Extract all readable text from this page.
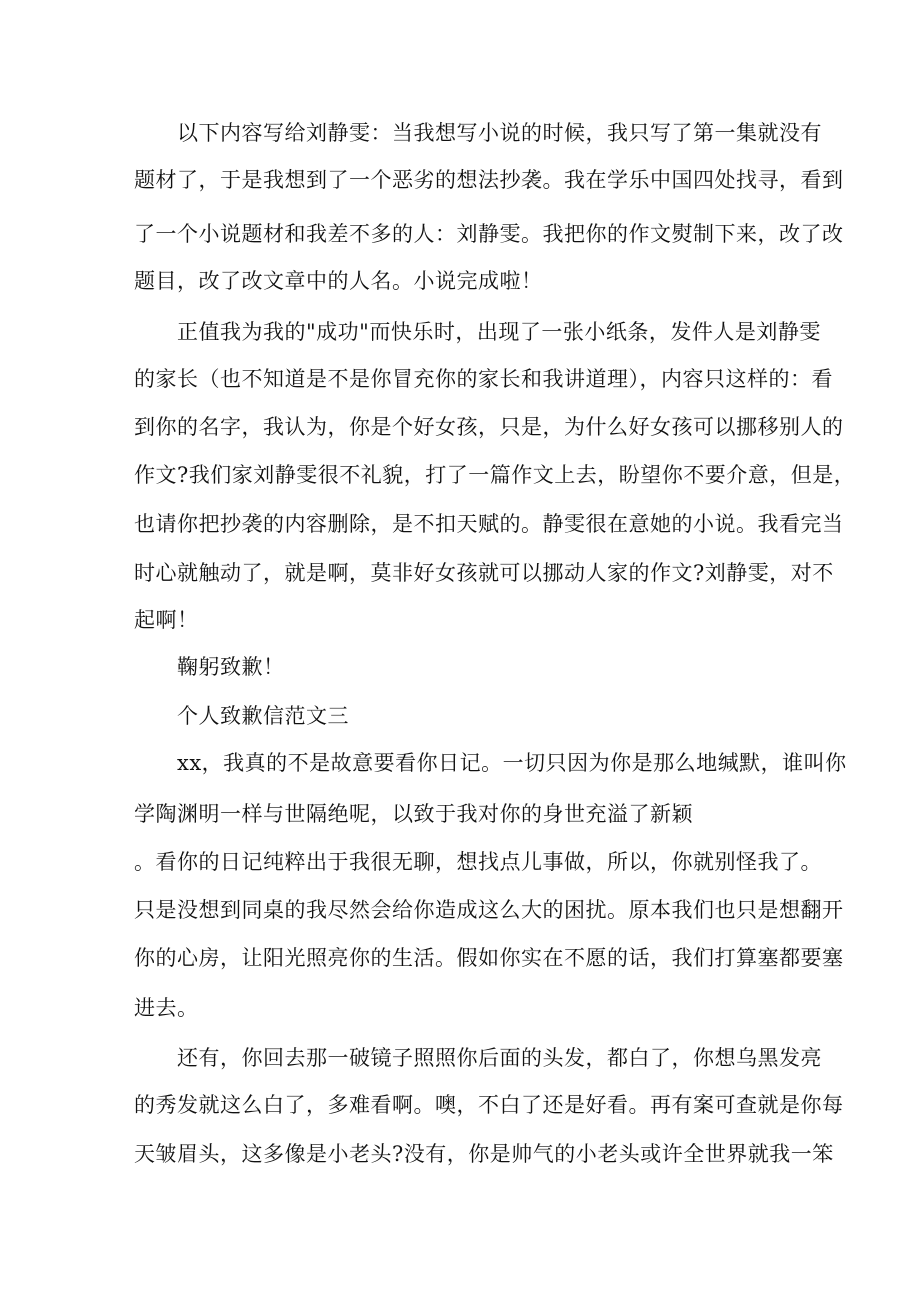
以下内容写给刘静雯：当我想写小说的时候，我只写了第一集就没有
题材了，于是我想到了一个恶劣的想法抄袭。我在学乐中国四处找寻，看到
了一个小说题材和我差不多的人：刘静雯。我把你的作文熨制下来，改了改
题目，改了改文章中的人名。小说完成啦！
正值我为我的"成功"而快乐时，出现了一张小纸条，发件人是刘静雯
的家长（也不知道是不是你冒充你的家长和我讲道理），内容只这样的：看
到你的名字，我认为，你是个好女孩，只是，为什么好女孩可以挪移别人的
作文?我们家刘静雯很不礼貌，打了一篇作文上去，盼望你不要介意，但是，
也请你把抄袭的内容删除，是不扣天赋的。静雯很在意她的小说。我看完当
时心就触动了，就是啊，莫非好女孩就可以挪动人家的作文?刘静雯，对不
起啊！
鞠躬致歉！
个人致歉信范文三
xx，我真的不是故意要看你日记。一切只因为你是那么地缄默，谁叫你
学陶渊明一样与世隔绝呢，以致于我对你的身世充溢了新颖
。看你的日记纯粹出于我很无聊，想找点儿事做，所以，你就别怪我了。
只是没想到同桌的我尽然会给你造成这么大的困扰。原本我们也只是想翻开
你的心房，让阳光照亮你的生活。假如你实在不愿的话，我们打算塞都要塞
进去。
还有，你回去那一破镜子照照你后面的头发，都白了，你想乌黑发亮
的秀发就这么白了，多难看啊。噢，不白了还是好看。再有案可查就是你每
天皱眉头，这多像是小老头?没有，你是帅气的小老头或许全世界就我一笨
